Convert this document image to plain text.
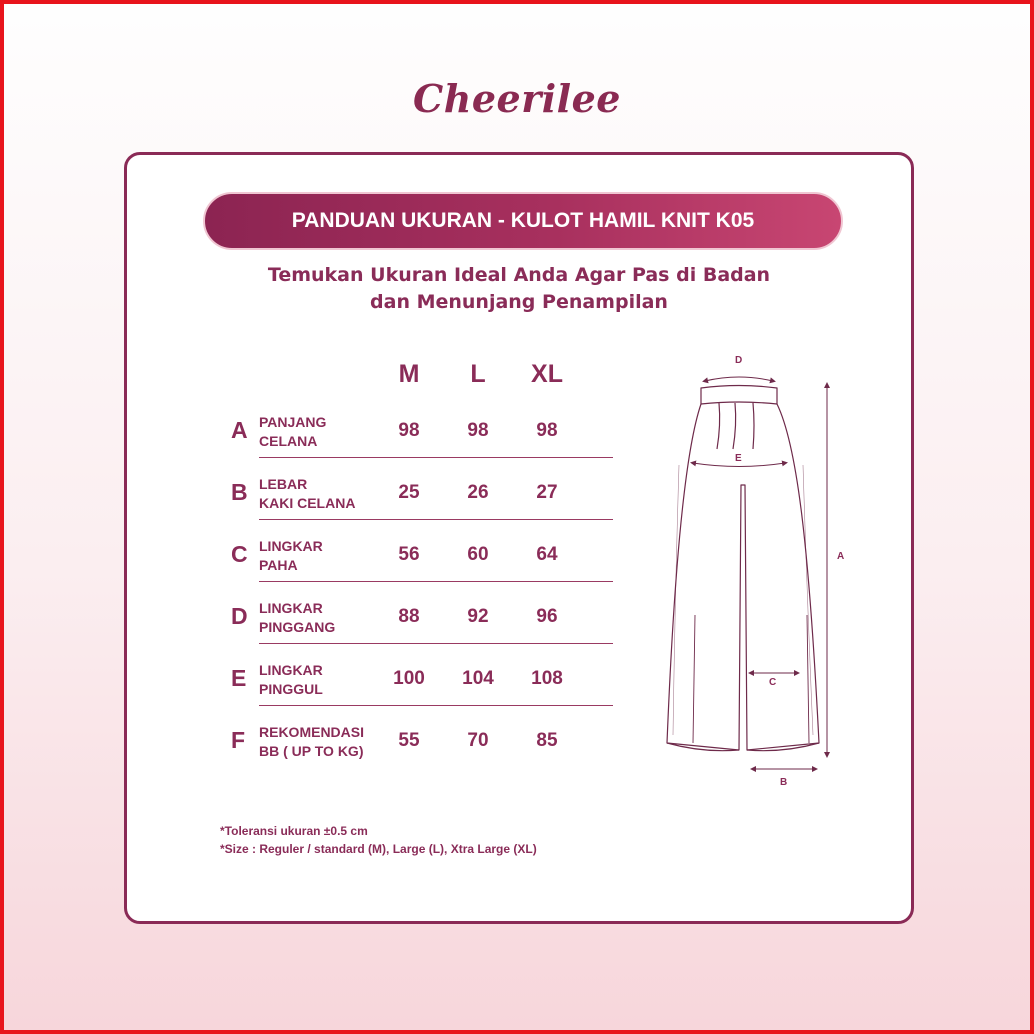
Cheerilee
PANDUAN UKURAN - KULOT HAMIL KNIT K05
Temukan Ukuran Ideal Anda Agar Pas di Badan
dan Menunjang Penampilan
M	L	XL
A PANJANG
CELANA	98	98	98
B LEBAR
KAKI CELANA	25	26	27
C LINGKAR
PAHA	56	60	64
D LINGKAR
PINGGANG	88	92	96
E LINGKAR
PINGGUL	100	104	108
F REKOMENDASI
BB ( UP TO KG)	55	70	85
*Toleransi ukuran ±0.5 cm
*Size : Reguler / standard (M), Large (L), Xtra Large (XL)
D
E
C
A
B
